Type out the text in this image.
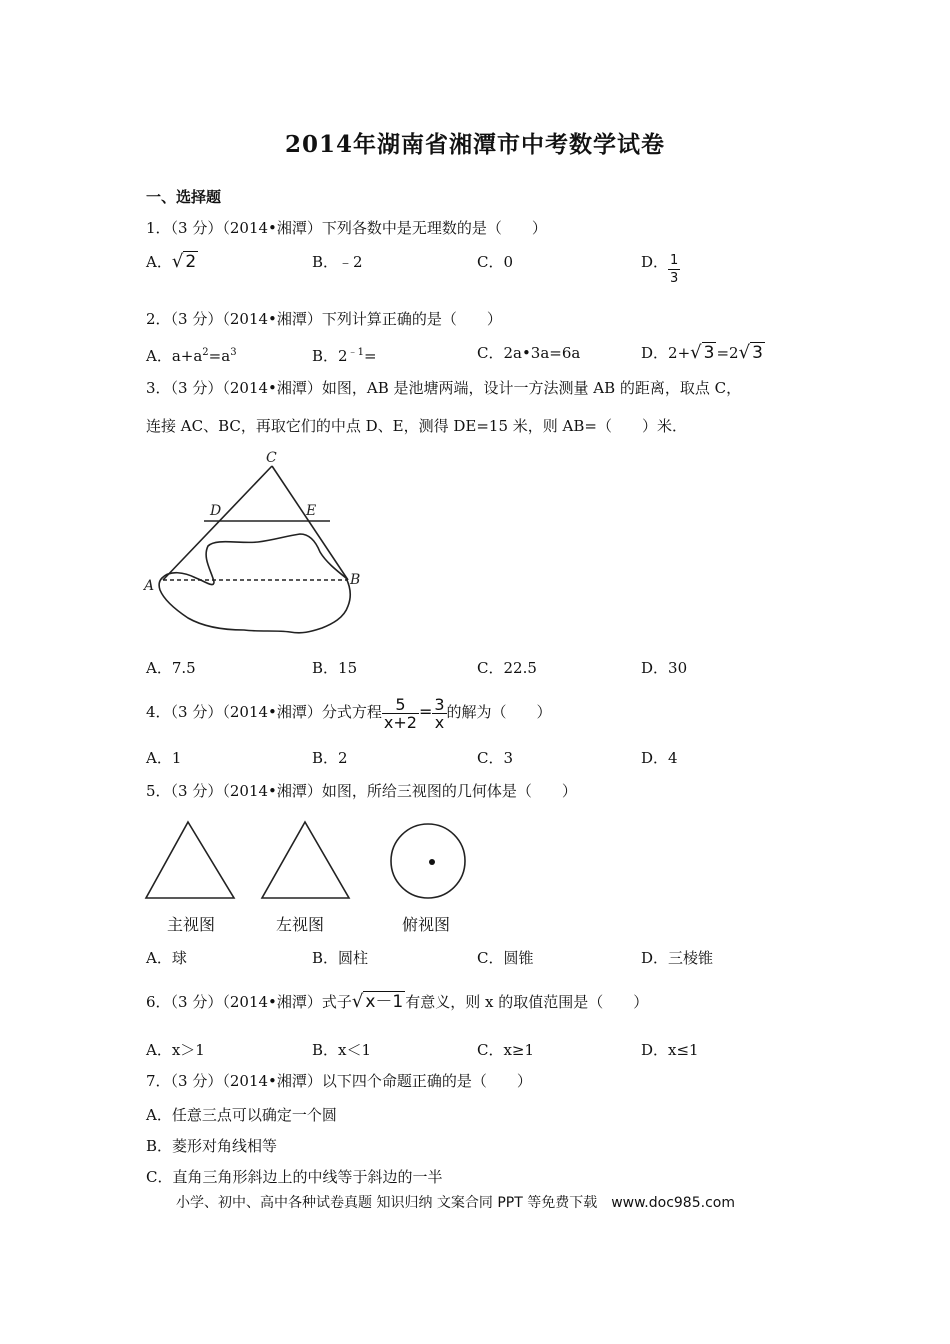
2014年湖南省湘潭市中考数学试卷
一、选择题
1．（3 分）（2014•湘潭）下列各数中是无理数的是（　　）
A．√ 2	B．﹣2	C．0	D． $\frac{1}{3}$
2．（3 分）（2014•湘潭）下列计算正确的是（　　）
A．$a+a^2=a^3$	B．$2^{﹣1}=$	C．2a•3a=6a	D．2+√ 3 =2√ 3
3．（3 分）（2014•湘潭）如图，AB 是池塘两端，设计一方法测量 AB 的距离，取点 C，
连接 AC、BC，再取它们的中点 D、E，测得 DE=15 米，则 AB=（　　）米．
C
D	E
A	B
A．7.5	B．15	C．22.5	D．30
4．（3 分）（2014•湘潭）分式方程 $\frac{5}{x+2} = \frac{3}{x}$ 的解为（　　）
A．1	B．2	C．3	D．4
5．（3 分）（2014•湘潭）如图，所给三视图的几何体是（　　）
主视图	左视图	俯视图
A．球	B．圆柱	C．圆锥	D．三棱锥
6．（3 分）（2014•湘潭）式子√ x－1 有意义，则 x 的取值范围是（　　）
A．x＞1	B．x＜1	C．x≥1	D．x≤1
7．（3 分）（2014•湘潭）以下四个命题正确的是（　　）
A．任意三点可以确定一个圆
B．菱形对角线相等
C．直角三角形斜边上的中线等于斜边的一半
小学、初中、高中各种试卷真题 知识归纳 文案合同 PPT 等免费下载　www.doc985.com
